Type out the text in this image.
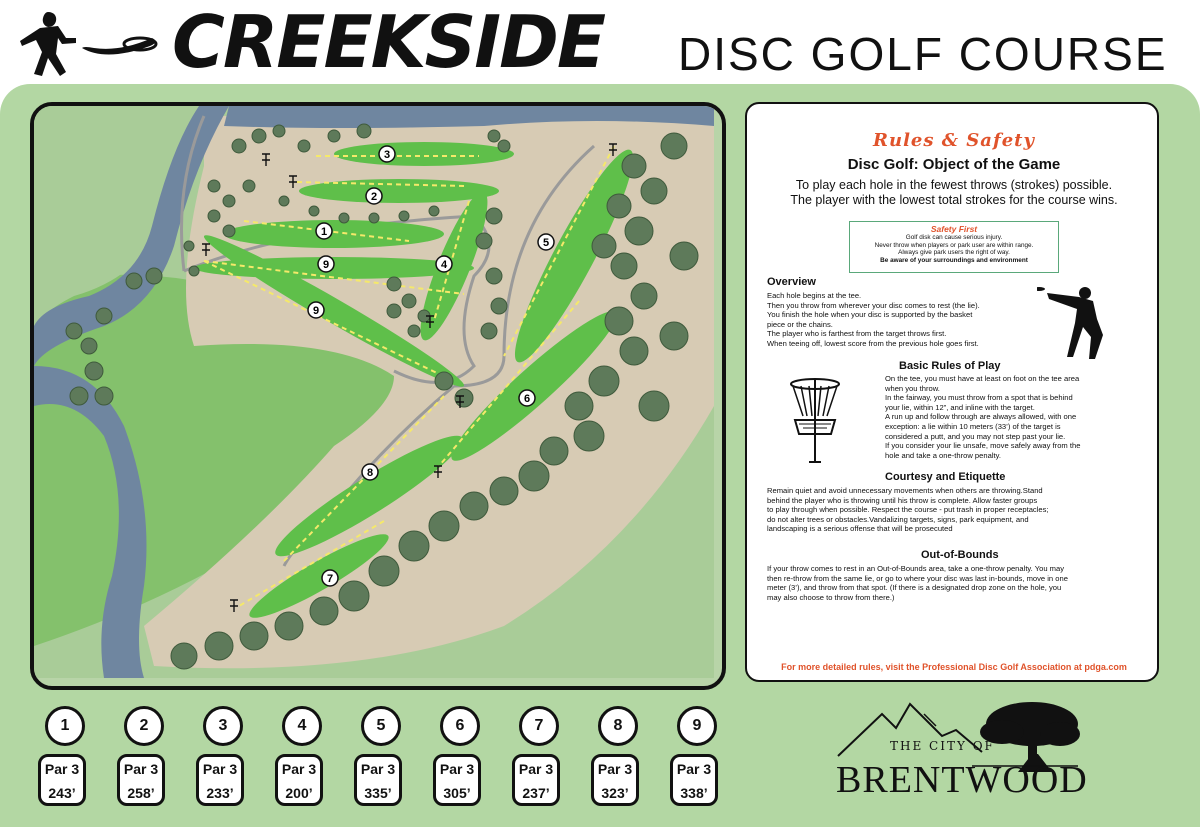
CREEKSIDE DISC GOLF COURSE
3
2
1
4
5
9
9
6
8
7
Rules & Safety
Disc Golf: Object of the Game
To play each hole in the fewest throws (strokes) possible.
The player with the lowest total strokes for the course wins.
Safety First
Golf disk can cause serious injury.
Never throw when players or park user are within range.
Always give park users the right of way.
Be aware of your surroundings and environment
Overview
Each hole begins at the tee.
Then you throw from wherever your disc comes to rest (the lie).
You finish the hole when your disc is supported by the basket
piece or the chains.
The player who is farthest from the target throws first.
When teeing off, lowest score from the previous hole goes first.
Basic Rules of Play
On the tee, you must have at least on foot on the tee area
when you throw.
In the fairway, you must throw from a spot that is behind
your lie, within 12”, and inline with the target.
A run up and follow through are always allowed, with one
exception: a lie within 10 meters (33’) of the target is
considered a putt, and you may not step past your lie.
If you consider your lie unsafe, move safely away from the
hole and take a one-throw penalty.
Courtesy and Etiquette
Remain quiet and avoid unnecessary movements when others are throwing.Stand
behind the player who is throwing until his throw is complete. Allow faster groups
to play through when possible. Respect the course - put trash in proper receptacles;
do not alter trees or obstacles.Vandalizing targets, signs, park equipment, and
landscaping is a serious offense that will be prosecuted
Out-of-Bounds
If your throw comes to rest in an Out-of-Bounds area, take a one-throw penalty. You may
then re-throw from the same lie, or go to where your disc was last in-bounds, move in one
meter (3’), and throw from that spot. (If there is a designated drop zone on the hole, you
may also choose to throw from there.)
For more detailed rules, visit the Professional Disc Golf Association at pdga.com
1
Par 3
243’
2
Par 3
258’
3
Par 3
233’
4
Par 3
200’
5
Par 3
335’
6
Par 3
305’
7
Par 3
237’
8
Par 3
323’
9
Par 3
338’
THE CITY OF
BRENTWOOD
